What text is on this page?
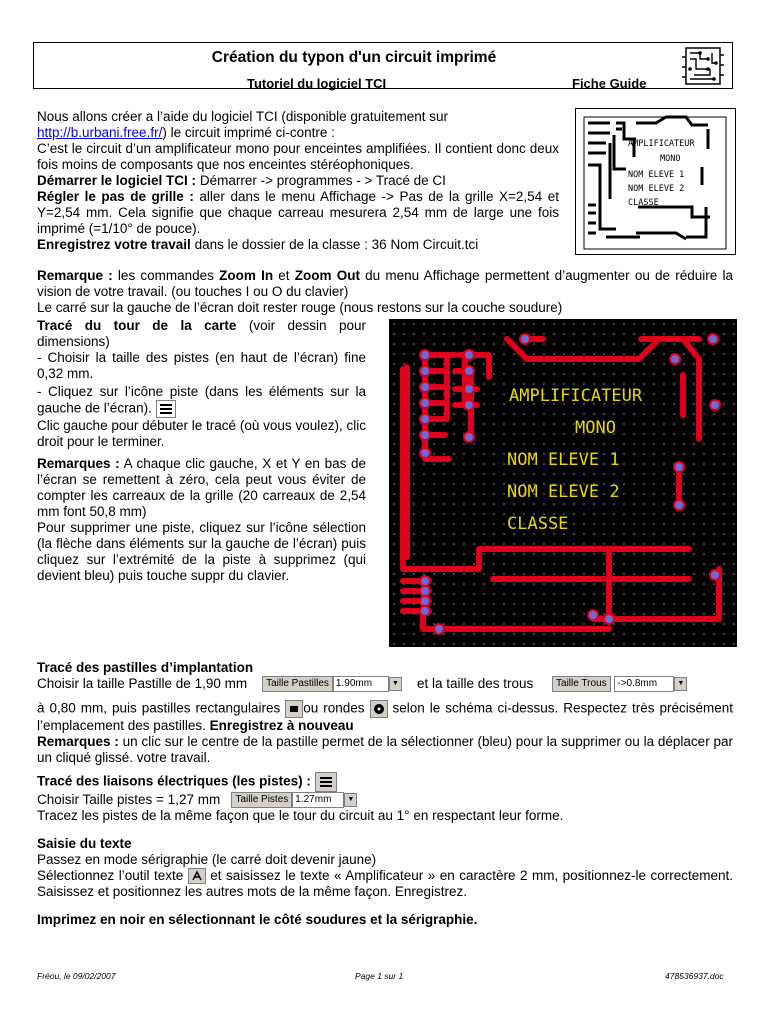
Création du typon d'un circuit imprimé
Tutoriel du logiciel TCI	Fiche Guide

Nous allons créer a l’aide du logiciel TCI (disponible gratuitement sur

http://b.urbani.free.fr/) le circuit imprimé ci-contre :

C’est le circuit d’un amplificateur mono pour enceintes amplifiées. Il contient donc deux fois moins de composants que nos enceintes stéréophoniques.

Démarrer le logiciel TCI : Démarrer -> programmes - > Tracé de CI

Régler le pas de grille : aller dans le menu Affichage -> Pas de la grille X=2,54 et Y=2,54 mm. Cela signifie que chaque carreau mesurera 2,54 mm de large une fois imprimé (=1/10° de pouce).

Enregistrez votre travail dans le dossier de la classe : 36 Nom Circuit.tci

AMPLIFICATEUR
MONO
NOM ELEVE 1
NOM ELEVE 2
CLASSE

Remarque : les commandes Zoom In et Zoom Out du menu Affichage permettent d’augmenter ou de réduire la vision de votre travail. (ou touches I ou O du clavier)

Le carré sur la gauche de l’écran doit rester rouge (nous restons sur la couche soudure)

Tracé du tour de la carte (voir dessin pour dimensions)

- Choisir la taille des pistes (en haut de l’écran) fine 0,32 mm.

- Cliquez sur l’icône piste (dans les éléments sur la gauche de l’écran).

Clic gauche pour débuter le tracé (où vous voulez), clic droit pour le terminer.

Remarques : A chaque clic gauche, X et Y en bas de l’écran se remettent à zéro, cela peut vous éviter de compter les carreaux de la grille (20 carreaux de 2,54 mm font 50,8 mm)

Pour supprimer une piste, cliquez sur l’icône sélection (la flèche dans éléments sur la gauche de l’écran) puis cliquez sur l’extrémité de la piste à supprimez (qui devient bleu) puis touche suppr du clavier.

AMPLIFICATEUR
MONO
NOM ELEVE 1
NOM ELEVE 2
CLASSE

Tracé des pastilles d’implantation

Choisir la taille Pastille de 1,90 mm Taille Pastilles 1.90mm	▼ et la taille des trous Taille Trous ->0.8mm	▼

à 0,80 mm, puis pastilles rectangulaires ou rondes selon le schéma ci-dessus. Respectez très précisément l’emplacement des pastilles. Enregistrez à nouveau

Remarques : un clic sur le centre de la pastille permet de la sélectionner (bleu) pour la supprimer ou la déplacer par un cliqué glissé. votre travail.

Tracé des liaisons électriques (les pistes) :

Choisir Taille pistes = 1,27 mm Taille Pistes 1.27mm ▼

Tracez les pistes de la même façon que le tour du circuit au 1° en respectant leur forme.

Saisie du texte

Passez en mode sérigraphie (le carré doit devenir jaune)

Sélectionnez l’outil texte et saisissez le texte « Amplificateur » en caractère 2 mm, positionnez-le correctement. Saisissez et positionnez les autres mots de la même façon. Enregistrez.

Imprimez en noir en sélectionnant le côté soudures et la sérigraphie.

Fréou, le 09/02/2007	Page 1 sur 1	478536937.doc
